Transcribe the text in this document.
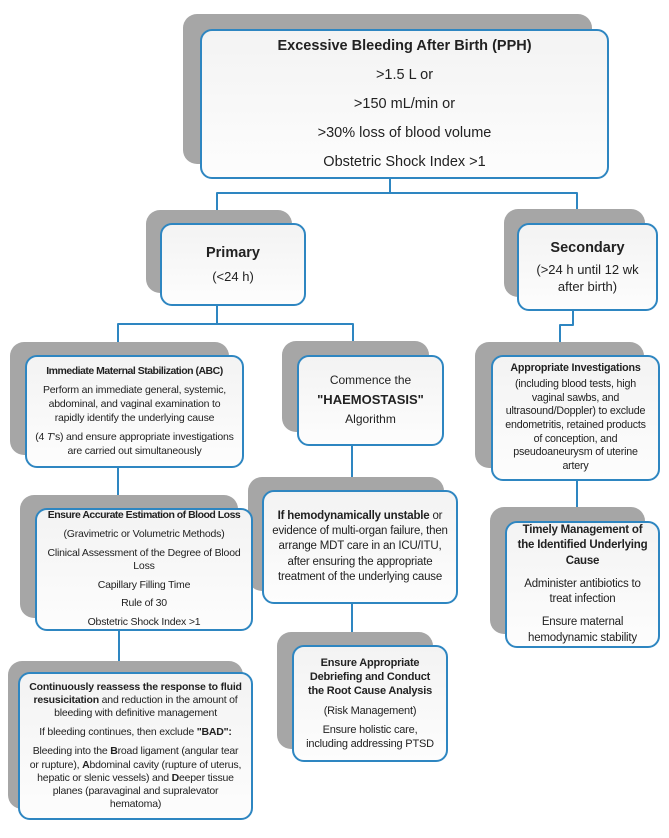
Excessive Bleeding After Birth (PPH)

>1.5 L or

>150 mL/min or

>30% loss of blood volume

Obstetric Shock Index >1

Primary

(<24 h)

Secondary

(>24 h until 12 wk after birth)

Immediate Maternal Stabilization (ABC)

Perform an immediate general, systemic, abdominal, and vaginal examination to rapidly identify the underlying cause

(4 T's) and ensure appropriate investigations are carried out simultaneously

Commence the

"HAEMOSTASIS"

Algorithm

Appropriate Investigations

(including blood tests, high vaginal sawbs, and ultrasound/Doppler) to exclude endometritis, retained products of conception, and pseudoaneurysm of uterine artery

Ensure Accurate Estimation of Blood Loss

(Gravimetric or Volumetric Methods)

Clinical Assessment of the Degree of Blood Loss

Capillary Filling Time

Rule of 30

Obstetric Shock Index >1

If hemodynamically unstable or evidence of multi-organ failure, then arrange MDT care in an ICU/ITU, after ensuring the appropriate treatment of the underlying cause

Timely Management of the Identified Underlying Cause

Administer antibiotics to treat infection

Ensure maternal hemodynamic stability

Continuously reassess the response to fluid resusicitation and reduction in the amount of bleeding with definitive management

If bleeding continues, then exclude "BAD":

Bleeding into the Broad ligament (angular tear or rupture), Abdominal cavity (rupture of uterus, hepatic or slenic vessels) and Deeper tissue planes (paravaginal and supralevator hematoma)

Ensure Appropriate Debriefing and Conduct the Root Cause Analysis

(Risk Management)

Ensure holistic care, including addressing PTSD
